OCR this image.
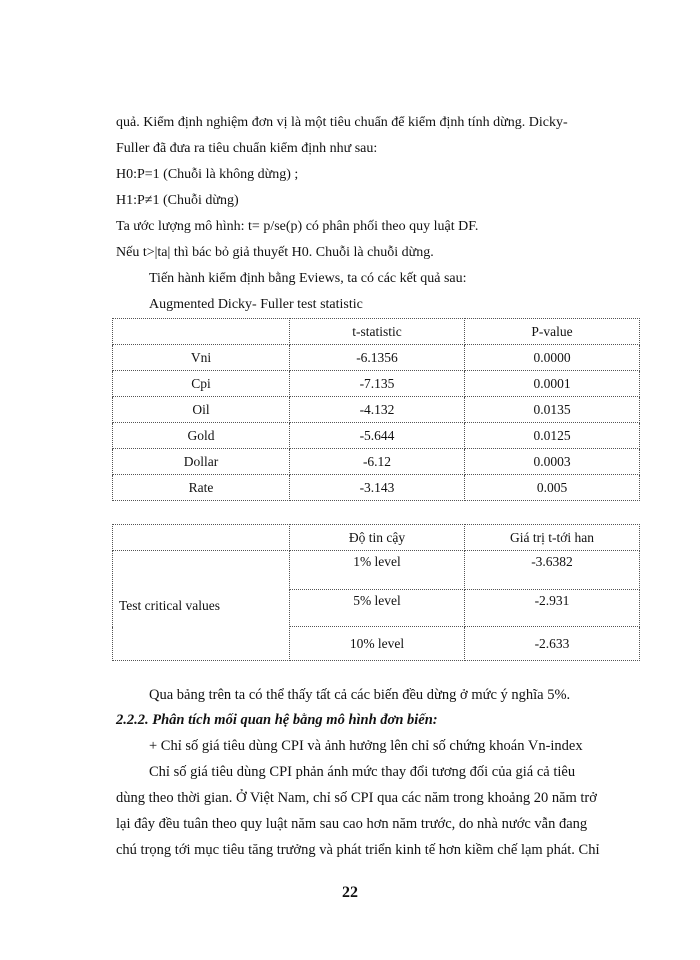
quả. Kiểm định nghiệm đơn vị là một tiêu chuẩn để kiểm định tính dừng. Dicky-
Fuller đã đưa ra tiêu chuẩn kiểm định như sau:
H0:P=1 (Chuỗi là không dừng) ;
H1:P≠1 (Chuỗi dừng)
Ta ước lượng mô hình: t= p/se(p) có phân phối theo quy luật DF.
Nếu t>|ta| thì bác bỏ giả thuyết H0. Chuỗi là chuỗi dừng.
Tiến hành kiểm định bằng Eviews, ta có các kết quả sau:
Augmented Dicky- Fuller test statistic
	t-statistic	P-value
Vni	-6.1356	0.0000
Cpi	-7.135	0.0001
Oil	-4.132	0.0135
Gold	-5.644	0.0125
Dollar	-6.12	0.0003
Rate	-3.143	0.005
	Độ tin cậy	Giá trị t-tới han
Test critical values	1% level	-3.6382
	5% level	-2.931
	10% level	-2.633
Qua bảng trên ta có thể thấy tất cả các biến đều dừng ở mức ý nghĩa 5%.
2.2.2. Phân tích mối quan hệ bằng mô hình đơn biến:
+ Chỉ số giá tiêu dùng CPI và ảnh hưởng lên chỉ số chứng khoán Vn-index
Chỉ số giá tiêu dùng CPI phản ánh mức thay đổi tương đối của giá cả tiêu
dùng theo thời gian. Ở Việt Nam, chỉ số CPI qua các năm trong khoảng 20 năm trở
lại đây đều tuân theo quy luật năm sau cao hơn năm trước, do nhà nước vẫn đang
chú trọng tới mục tiêu tăng trưởng và phát triển kinh tế hơn kiềm chế lạm phát. Chỉ
22
